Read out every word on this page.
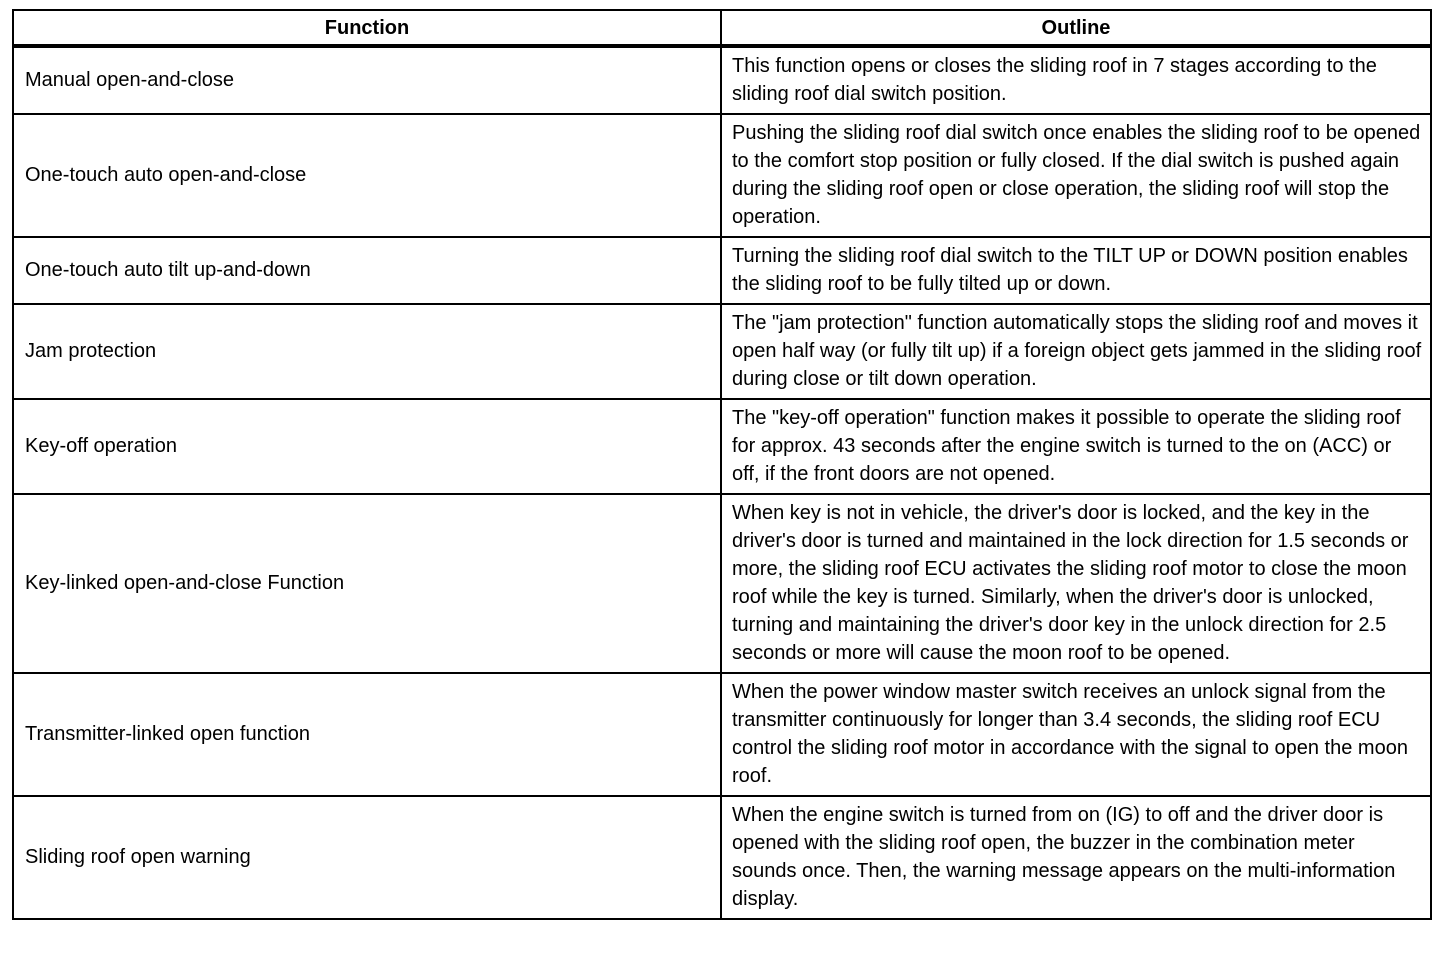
Function	Outline
Manual open-and-close	This function opens or closes the sliding roof in 7 stages according to the sliding roof dial switch position.
One-touch auto open-and-close	Pushing the sliding roof dial switch once enables the sliding roof to be opened to the comfort stop position or fully closed. If the dial switch is pushed again during the sliding roof open or close operation, the sliding roof will stop the operation.
One-touch auto tilt up-and-down	Turning the sliding roof dial switch to the TILT UP or DOWN position enables the sliding roof to be fully tilted up or down.
Jam protection	The "jam protection" function automatically stops the sliding roof and moves it open half way (or fully tilt up) if a foreign object gets jammed in the sliding roof during close or tilt down operation.
Key-off operation	The "key-off operation" function makes it possible to operate the sliding roof for approx. 43 seconds after the engine switch is turned to the on (ACC) or off, if the front doors are not opened.
Key-linked open-and-close Function	When key is not in vehicle, the driver's door is locked, and the key in the driver's door is turned and maintained in the lock direction for 1.5 seconds or more, the sliding roof ECU activates the sliding roof motor to close the moon roof while the key is turned. Similarly, when the driver's door is unlocked, turning and maintaining the driver's door key in the unlock direction for 2.5 seconds or more will cause the moon roof to be opened.
Transmitter-linked open function	When the power window master switch receives an unlock signal from the transmitter continuously for longer than 3.4 seconds, the sliding roof ECU control the sliding roof motor in accordance with the signal to open the moon roof.
Sliding roof open warning	When the engine switch is turned from on (IG) to off and the driver door is opened with the sliding roof open, the buzzer in the combination meter sounds once. Then, the warning message appears on the multi-information display.
